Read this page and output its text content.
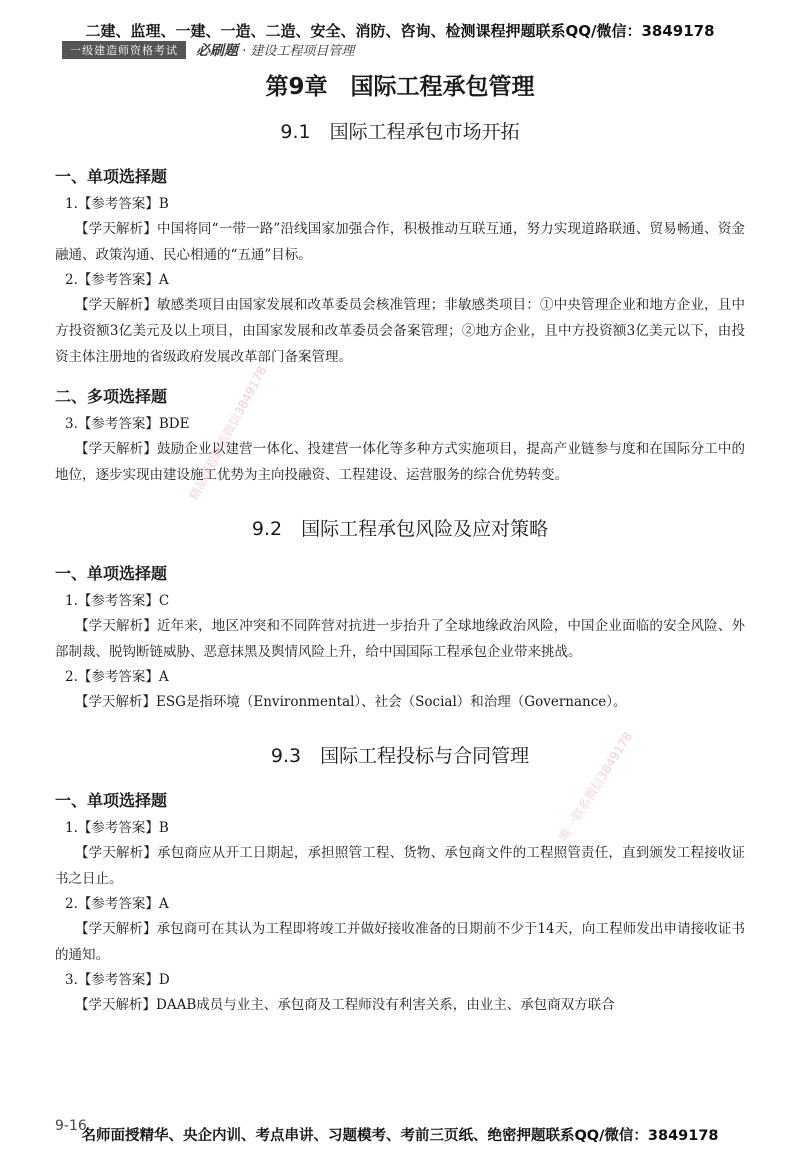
二建、监理、一建、一造、二造、安全、消防、咨询、检测课程押题联系QQ/微信：3849178
一级建造师资格考试	必刷题 · 建设工程项目管理
第9章　国际工程承包管理
9.1　国际工程承包市场开拓
一、单项选择题
1.【参考答案】B

【学天解析】中国将同“一带一路”沿线国家加强合作，积极推动互联互通，努力实现道路联通、贸易畅通、资金融通、政策沟通、民心相通的“五通”目标。

2.【参考答案】A

【学天解析】敏感类项目由国家发展和改革委员会核准管理；非敏感类项目：①中央管理企业和地方企业，且中方投资额3亿美元及以上项目，由国家发展和改革委员会备案管理；②地方企业，且中方投资额3亿美元以下，由投资主体注册地的省级政府发展改革部门备案管理。

二、多项选择题
3.【参考答案】BDE

【学天解析】鼓励企业以建营一体化、投建营一体化等多种方式实施项目，提高产业链参与度和在国际分工中的地位，逐步实现由建设施工优势为主向投融资、工程建设、运营服务的综合优势转变。

9.2　国际工程承包风险及应对策略
一、单项选择题
1.【参考答案】C

【学天解析】近年来，地区冲突和不同阵营对抗进一步抬升了全球地缘政治风险，中国企业面临的安全风险、外部制裁、脱钩断链威胁、恶意抹黑及舆情风险上升，给中国国际工程承包企业带来挑战。

2.【参考答案】A

【学天解析】ESG是指环境（Environmental）、社会（Social）和治理（Governance）。

9.3　国际工程投标与合同管理
一、单项选择题
1.【参考答案】B

【学天解析】承包商应从开工日期起，承担照管工程、货物、承包商文件的工程照管责任，直到颁发工程接收证书之日止。

2.【参考答案】A

【学天解析】承包商可在其认为工程即将竣工并做好接收准备的日期前不少于14天，向工程师发出申请接收证书的通知。

3.【参考答案】D

【学天解析】DAAB成员与业主、承包商及工程师没有利害关系，由业主、承包商双方联合

精品课程联系微信3849178
唯一联系微信3849178
9-16
名师面授精华、央企内训、考点串讲、习题模考、考前三页纸、绝密押题联系QQ/微信：3849178
